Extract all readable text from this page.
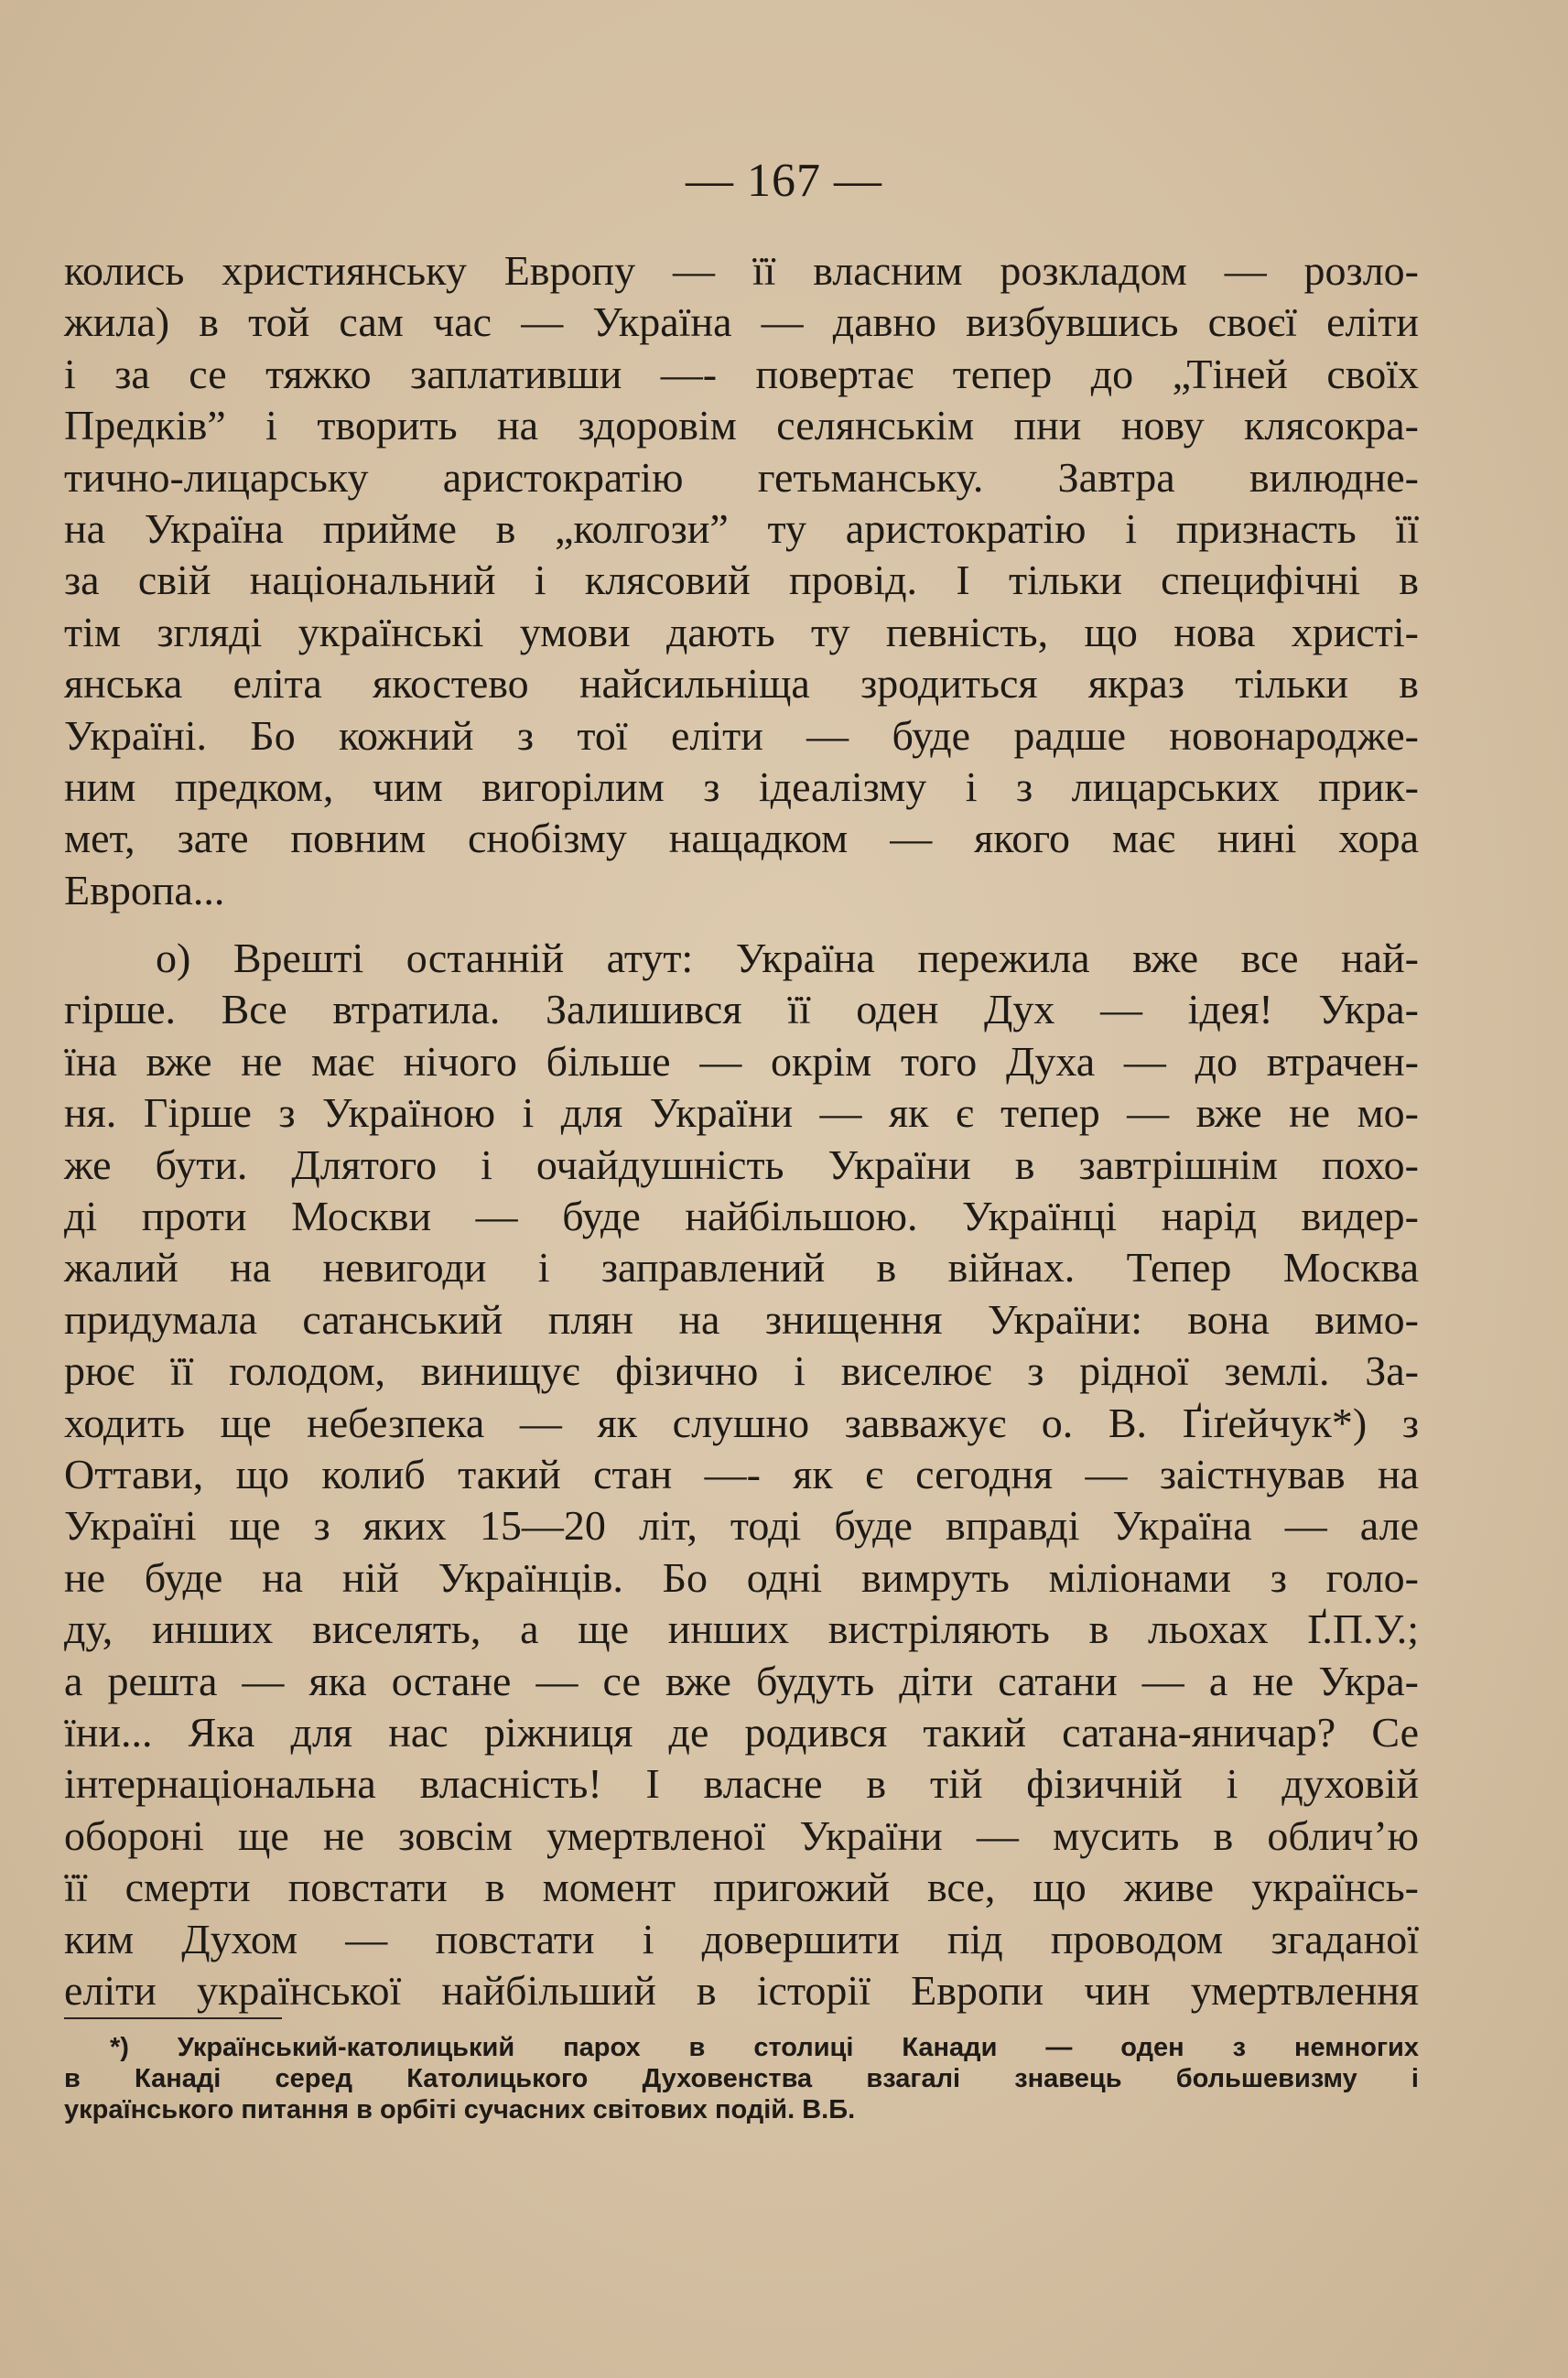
— 167 —
колись християнську Европу — її власним розкладом — розло-
жила) в той сам час — Україна — давно визбувшись своєї еліти
і за се тяжко заплативши —- повертає тепер до „Тіней своїх
Предків” і творить на здоровім селянськім пни нову клясокра-
тично-лицарську аристократію гетьманську. Завтра вилюдне-
на Україна прийме в „колгози” ту аристократію і признасть її
за свій національний і клясовий провід. І тільки специфічні в
тім згляді українські умови дають ту певність, що нова христі-
янська еліта якостево найсильніща зродиться якраз тільки в
Україні. Бо кожний з тої еліти — буде радше новонароджe-
ним предком, чим вигорілим з ідеалізму і з лицарських прик-
мет, зате повним снобізму нащадком — якого має нині хора
Европа...
о) Врешті останній атут: Україна пережила вже все най-
гірше. Все втратила. Залишився її оден Дух — ідея! Укра-
їна вже не має нічого більше — окрім того Духа — до втрачен-
ня. Гірше з Україною і для України — як є тепер — вже не мо-
же бути. Длятого і очайдушність України в завтрішнім похо-
ді проти Москви — буде найбільшою. Українці нарід видер-
жалий на невигоди і заправлений в війнах. Тепер Москва
придумала сатанський плян на знищення України: вона вимо-
рює її голодом, винищує фізично і виселює з рідної землі. За-
ходить ще небезпека — як слушно завважує о. В. Ґіґейчук*) з
Оттави, що колиб такий стан —- як є сегодня — заістнував на
Україні ще з яких 15—20 літ, тоді буде вправді Україна — але
не буде на ній Українців. Бо одні вимруть міліонами з голо-
ду, инших виселять, а ще инших вистріляють в льохах Ґ.П.У.;
а решта — яка остане — се вже будуть діти сатани — а не Укра-
їни... Яка для нас ріжниця де родився такий сатана-яничар? Се
інтернаціональна власність! І власне в тій фізичній і духовій
обороні ще не зовсім умертвленої України — мусить в обличʼю
її смерти повстати в момент пригожий все, що живе українсь-
ким Духом — повстати і довершити під проводом згаданої
еліти української найбільший в історії Европи чин умертвлення
*) Український-католицький парох в столиці Канади — оден з немногих
в Канаді серед Католицького Духовенства взагалі знавець большевизму і
українського питання в орбіті сучасних світових подій. В.Б.
